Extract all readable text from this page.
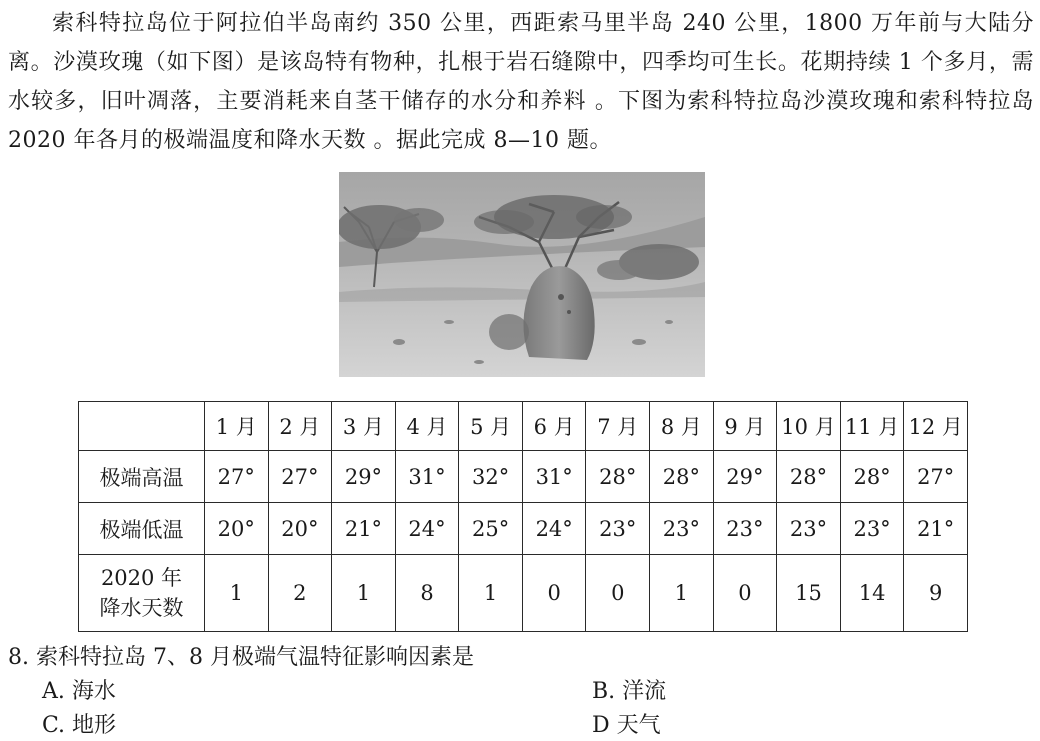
索科特拉岛位于阿拉伯半岛南约 350 公里，西距索马里半岛 240 公里，1800 万年前与大陆分离。沙漠玫瑰（如下图）是该岛特有物种，扎根于岩石缝隙中，四季均可生长。花期持续 1 个多月，需水较多，旧叶凋落，主要消耗来自茎干储存的水分和养料 。下图为索科特拉岛沙漠玫瑰和索科特拉岛 2020 年各月的极端温度和降水天数 。据此完成 8—10 题。

	1 月	2 月	3 月	4 月	5 月	6 月	7 月	8 月	9 月	10 月	11 月	12 月
极端高温	27°	27°	29°	31°	32°	31°	28°	28°	29°	28°	28°	27°
极端低温	20°	20°	21°	24°	25°	24°	23°	23°	23°	23°	23°	21°

2020 年
降水天数	1	2	1	8	1	0	0	1	0	15	14	9
8. 索科特拉岛 7、8 月极端气温特征影响因素是
A. 海水	B. 洋流
C. 地形	D 天气
